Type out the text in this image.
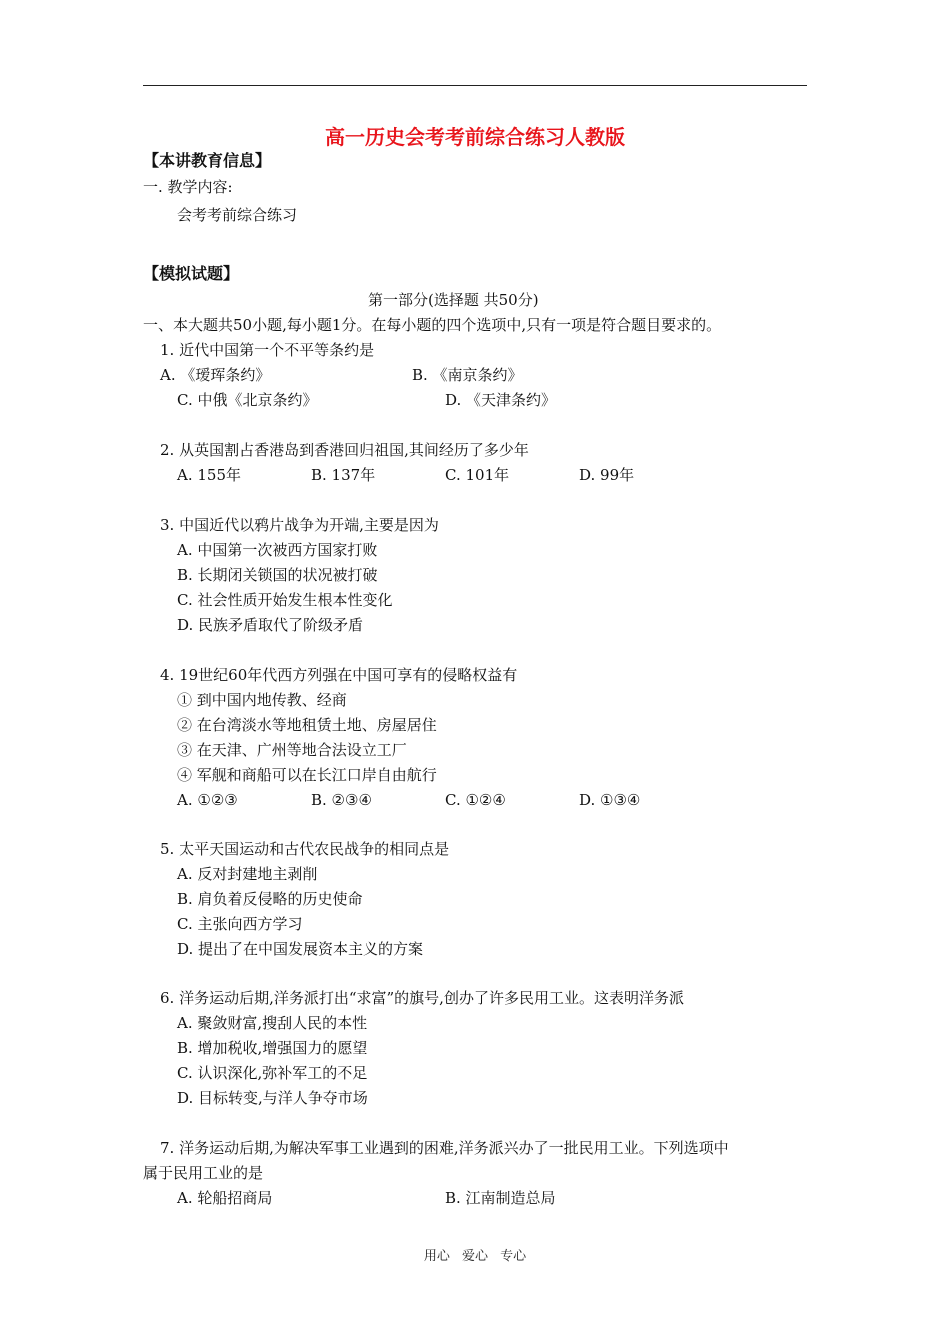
高一历史会考考前综合练习人教版
【本讲教育信息】
一. 教学内容:
会考考前综合练习
【模拟试题】
第一部分(选择题 共50分)
一、本大题共50小题,每小题1分。在每小题的四个选项中,只有一项是符合题目要求的。
1. 近代中国第一个不平等条约是
A. 《瑷珲条约》	B. 《南京条约》
C. 中俄《北京条约》	D. 《天津条约》
2. 从英国割占香港岛到香港回归祖国,其间经历了多少年
A. 155年	B. 137年	C. 101年	D. 99年
3. 中国近代以鸦片战争为开端,主要是因为
A. 中国第一次被西方国家打败
B. 长期闭关锁国的状况被打破
C. 社会性质开始发生根本性变化
D. 民族矛盾取代了阶级矛盾
4. 19世纪60年代西方列强在中国可享有的侵略权益有
① 到中国内地传教、经商
② 在台湾淡水等地租赁土地、房屋居住
③ 在天津、广州等地合法设立工厂
④ 军舰和商船可以在长江口岸自由航行
A. ①②③	B. ②③④	C. ①②④	D. ①③④
5. 太平天国运动和古代农民战争的相同点是
A. 反对封建地主剥削
B. 肩负着反侵略的历史使命
C. 主张向西方学习
D. 提出了在中国发展资本主义的方案
6. 洋务运动后期,洋务派打出“求富”的旗号,创办了许多民用工业。这表明洋务派
A. 聚敛财富,搜刮人民的本性
B. 增加税收,增强国力的愿望
C. 认识深化,弥补军工的不足
D. 目标转变,与洋人争夺市场
7. 洋务运动后期,为解决军事工业遇到的困难,洋务派兴办了一批民用工业。下列选项中
属于民用工业的是
A. 轮船招商局	B. 江南制造总局
用心 爱心 专心
